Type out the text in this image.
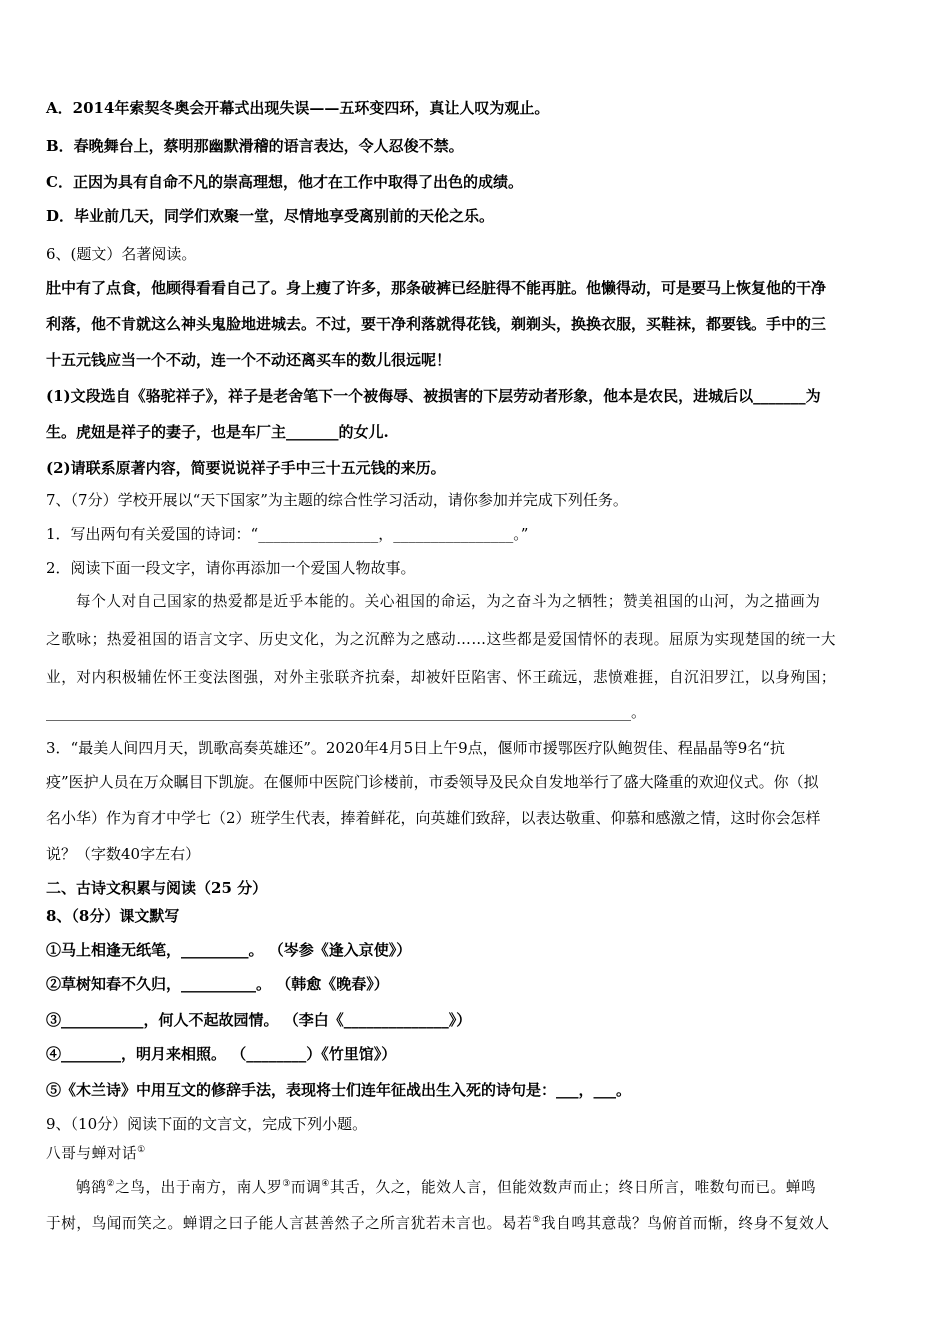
A．2014年索契冬奥会开幕式出现失误——五环变四环，真让人叹为观止。
B．春晚舞台上，蔡明那幽默滑稽的语言表达，令人忍俊不禁。
C．正因为具有自命不凡的崇高理想，他才在工作中取得了出色的成绩。
D．毕业前几天，同学们欢聚一堂，尽情地享受离别前的天伦之乐。
6、(题文）名著阅读。
肚中有了点食，他顾得看看自己了。身上瘦了许多，那条破裤已经脏得不能再脏。他懒得动，可是要马上恢复他的干净
利落，他不肯就这么神头鬼脸地进城去。不过，要干净利落就得花钱，剃剃头，换换衣服，买鞋袜，都要钱。手中的三
十五元钱应当一个不动，连一个不动还离买车的数儿很远呢！
(1)文段选自《骆驼祥子》，祥子是老舍笔下一个被侮辱、被损害的下层劳动者形象，他本是农民，进城后以_______为
生。虎妞是祥子的妻子，也是车厂主_______的女儿.
(2)请联系原著内容，简要说说祥子手中三十五元钱的来历。
7、（7分）学校开展以“天下国家”为主题的综合性学习活动，请你参加并完成下列任务。
1．写出两句有关爱国的诗词：“________________，________________。”
2．阅读下面一段文字，请你再添加一个爱国人物故事。
每个人对自己国家的热爱都是近乎本能的。关心祖国的命运，为之奋斗为之牺牲；赞美祖国的山河，为之描画为
之歌咏；热爱祖国的语言文字、历史文化，为之沉醉为之感动……这些都是爱国情怀的表现。屈原为实现楚国的统一大
业，对内积极辅佐怀王变法图强，对外主张联齐抗秦，却被奸臣陷害、怀王疏远，悲愤难捱，自沉汨罗江，以身殉国；
______________________________________________________________________________。
3．“最美人间四月天，凯歌高奏英雄还”。2020年4月5日上午9点，偃师市援鄂医疗队鲍贺佳、程晶晶等9名“抗
疫”医护人员在万众瞩目下凯旋。在偃师中医院门诊楼前，市委领导及民众自发地举行了盛大隆重的欢迎仪式。你（拟
名小华）作为育才中学七（2）班学生代表，捧着鲜花，向英雄们致辞，以表达敬重、仰慕和感激之情，这时你会怎样
说？（字数40字左右）
二、古诗文积累与阅读（25 分）
8、（8分）课文默写
①马上相逢无纸笔，_________。 （岑参《逢入京使》）
②草树知春不久归，__________。 （韩愈《晚春》）
③___________，何人不起故园情。 （李白《______________》）
④________，明月来相照。 （________）《竹里馆》）
⑤《木兰诗》中用互文的修辞手法，表现将士们连年征战出生入死的诗句是：___，___。
9、（10分）阅读下面的文言文，完成下列小题。
八哥与蝉对话①
鸲鹆②之鸟，出于南方，南人罗③而调④其舌，久之，能效人言，但能效数声而止；终日所言，唯数句而已。蝉鸣
于树，鸟闻而笑之。蝉谓之曰子能人言甚善然子之所言犹若未言也。曷若⑤我自鸣其意哉？鸟俯首而惭，终身不复效人
